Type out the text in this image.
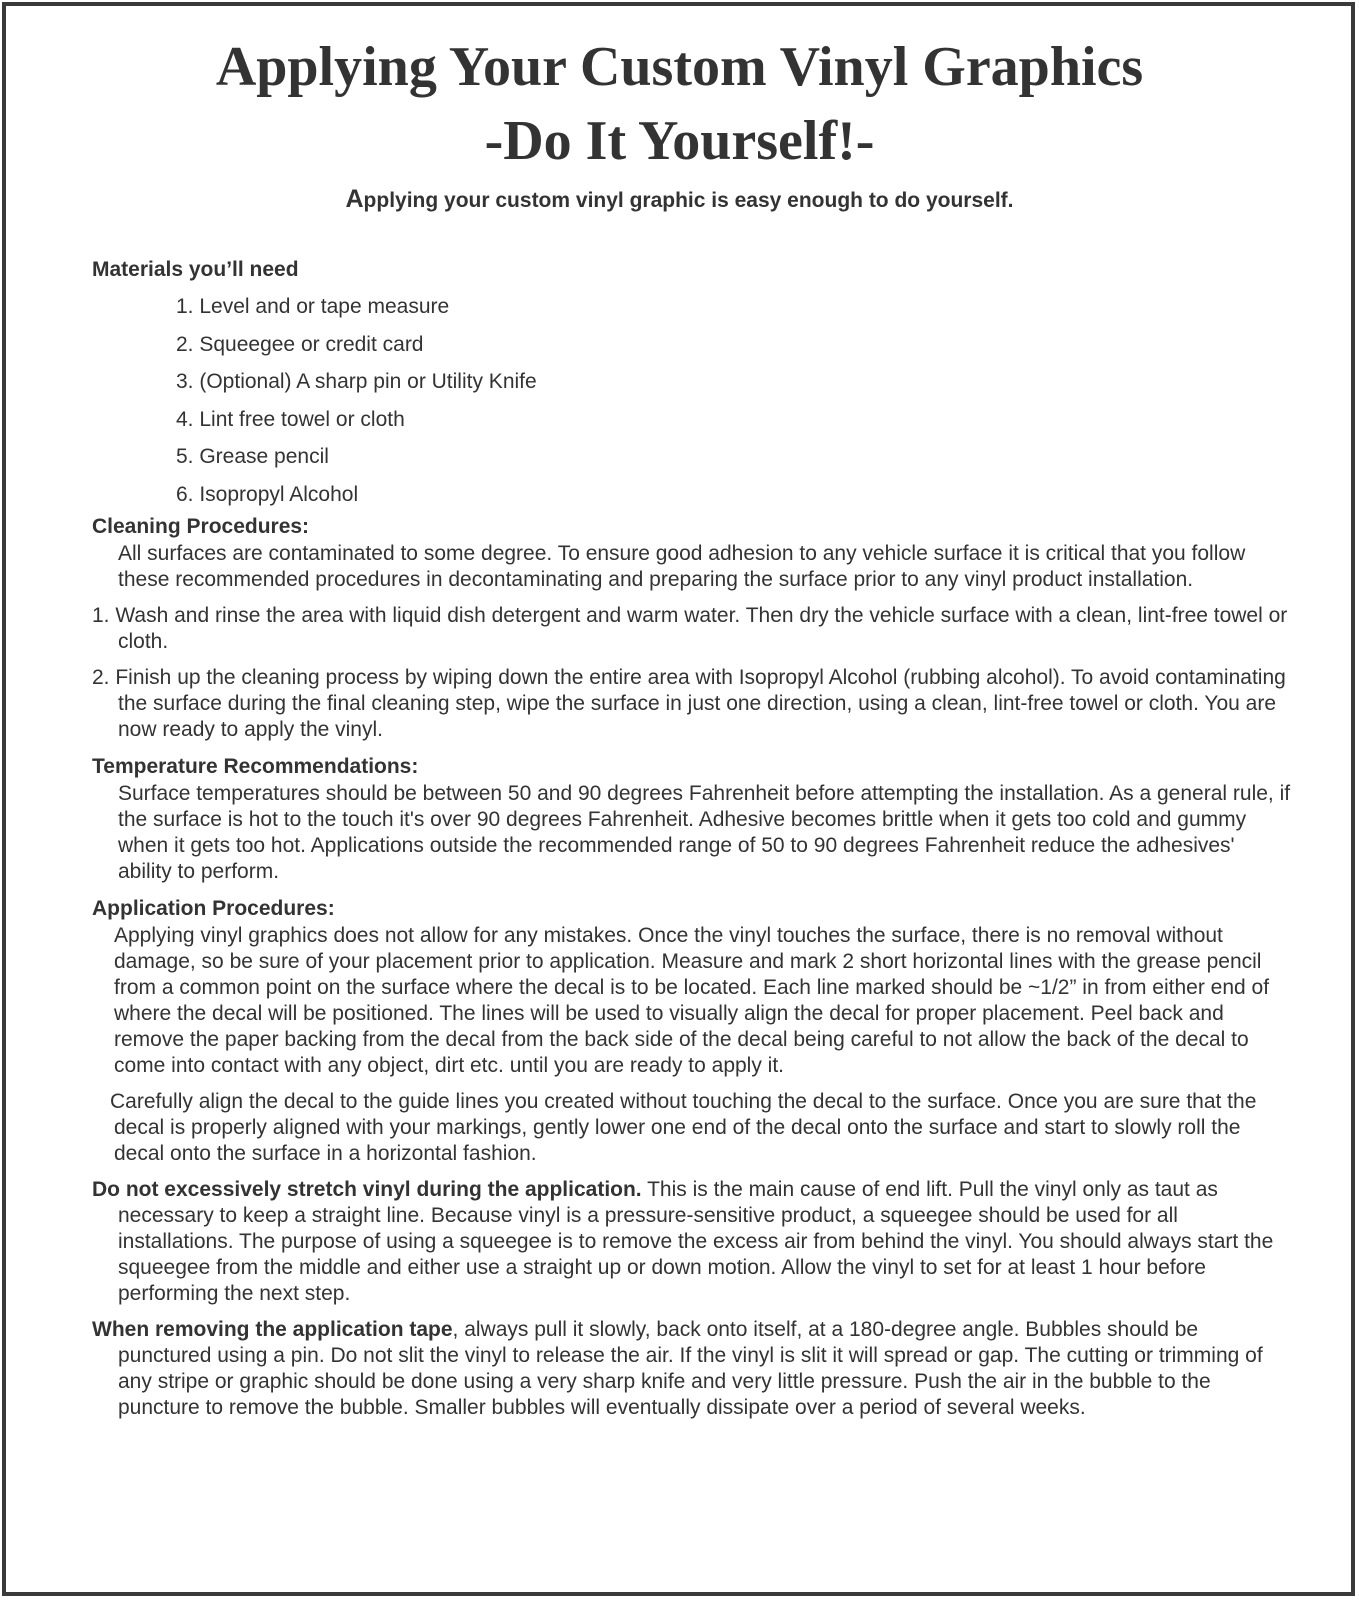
Applying Your Custom Vinyl Graphics
-Do It Yourself!-

Applying your custom vinyl graphic is easy enough to do yourself.

Materials you’ll need

1. Level and or tape measure
2. Squeegee or credit card
3. (Optional) A sharp pin or Utility Knife
4. Lint free towel or cloth
5. Grease pencil
6. Isopropyl Alcohol

Cleaning Procedures:

All surfaces are contaminated to some degree. To ensure good adhesion to any vehicle surface it is critical that you follow these recommended procedures in decontaminating and preparing the surface prior to any vinyl product installation.

1. Wash and rinse the area with liquid dish detergent and warm water. Then dry the vehicle surface with a clean, lint-free towel or cloth.

2. Finish up the cleaning process by wiping down the entire area with Isopropyl Alcohol (rubbing alcohol). To avoid contaminating the surface during the final cleaning step, wipe the surface in just one direction, using a clean, lint-free towel or cloth. You are now ready to apply the vinyl.

Temperature Recommendations:

Surface temperatures should be between 50 and 90 degrees Fahrenheit before attempting the installation. As a general rule, if the surface is hot to the touch it's over 90 degrees Fahrenheit. Adhesive becomes brittle when it gets too cold and gummy when it gets too hot. Applications outside the recommended range of 50 to 90 degrees Fahrenheit reduce the adhesives' ability to perform.

Application Procedures:

Applying vinyl graphics does not allow for any mistakes. Once the vinyl touches the surface, there is no removal without damage, so be sure of your placement prior to application. Measure and mark 2 short horizontal lines with the grease pencil from a common point on the surface where the decal is to be located. Each line marked should be ~1/2” in from either end of where the decal will be positioned. The lines will be used to visually align the decal for proper placement. Peel back and remove the paper backing from the decal from the back side of the decal being careful to not allow the back of the decal to come into contact with any object, dirt etc. until you are ready to apply it.

Carefully align the decal to the guide lines you created without touching the decal to the surface. Once you are sure that the decal is properly aligned with your markings, gently lower one end of the decal onto the surface and start to slowly roll the decal onto the surface in a horizontal fashion.

Do not excessively stretch vinyl during the application. This is the main cause of end lift. Pull the vinyl only as taut as necessary to keep a straight line. Because vinyl is a pressure-sensitive product, a squeegee should be used for all installations. The purpose of using a squeegee is to remove the excess air from behind the vinyl. You should always start the squeegee from the middle and either use a straight up or down motion. Allow the vinyl to set for at least 1 hour before performing the next step.

When removing the application tape, always pull it slowly, back onto itself, at a 180-degree angle. Bubbles should be punctured using a pin. Do not slit the vinyl to release the air. If the vinyl is slit it will spread or gap. The cutting or trimming of any stripe or graphic should be done using a very sharp knife and very little pressure. Push the air in the bubble to the puncture to remove the bubble. Smaller bubbles will eventually dissipate over a period of several weeks.
